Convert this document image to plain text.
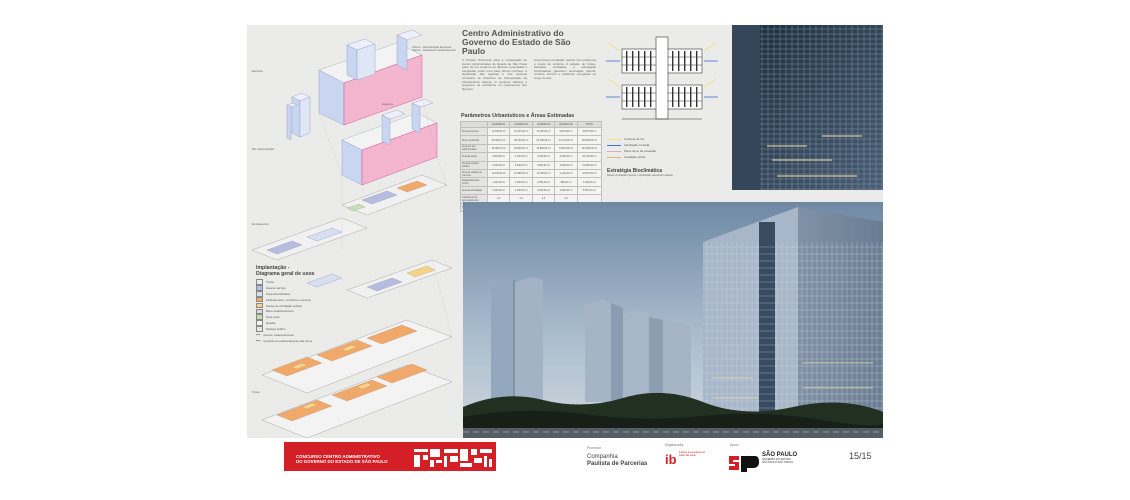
Escritório
Volume - Administração Executiva
Volume - Fachada de estacionamento
Esquema
Pav. Administração
Embasamento
Térreo
Implantação -
Diagrama geral de usos
Térreo
Área de serviço
Área administrativa
Fachada ativa - comércio e serviços
Núcleo de circulação vertical
Bloco estacionamento
Área verde
Quadra
Passeio público
⟷ Acesso: estacionamento
⟷ Conexão ao estacionamento das torres
Centro Administrativo do
Governo do Estado de São Paulo
O Projeto Preliminar para a implantação do Centro Administrativo do Estado de São Paulo parte de um conjunto de lâminas conectadas e integradas sobre uma base térrea contínua. A disposição das quadras e dos acessos considera as diretrizes de transposição da infraestrutura urbana. O conjunto distribui o programa de escritórios em pavimentos tipo flexíveis.
proporciona ventilação natural nos ambientes e níveis de conforto. A adoção de brises, fachadas ventiladas e estratégias bioclimáticas garantem iluminação natural, conforto térmico e eficiência energética ao longo do ano.
Parâmetros Urbanísticos e Áreas Estimadas
	QUADRA 01	QUADRA 02	QUADRA 03	QUADRA 04	TOTAL
Área do terreno	12.345,00 m²	10.120,00 m²	11.235,00 m²	9.876,00 m²	43.576,00 m²
Área construída	54.000,00 m²	48.700,00 m²	51.230,00 m²	40.120,00 m²	194.050,00 m²
Área em uso administrativo	45.000,00 m²	40.500,00 m²	42.800,00 m²	33.600,00 m²	161.900,00 m²
Área de apoio	4.500,00 m²	4.100,00 m²	4.230,00 m²	3.300,00 m²	16.130,00 m²
Área de espaço público	6.120,00 m²	5.340,00 m²	5.900,00 m²	4.600,00 m²	21.960,00 m²
Área de espaço de convívio	12.130,00 m²	10.985,00 m²	11.340,00 m²	9.120,00 m²	43.575,00 m²
Estacionamento (unid.)	1.200,00 m²	1.100,00 m²	1.050,00 m²	980,00 m²	4.330,00 m²
Área de circulação	2.340,00 m²	2.100,00 m²	2.230,00 m²	1.900,00 m²	8.570,00 m²
Coeficiente de aproveitamento	4,0	4,0	4,0	4,0	

Controle de luz
Ventilação cruzada
Fluxo de ar de exaustão
Insolação direta
Estratégia Bioclimática
Brises Ventilação Quente e Ventilação natural Em Estudo
CONCURSO CENTRO ADMINISTRATIVO
DO GOVERNO DO ESTADO DE SÃO PAULO
Promotor
Companhia
Paulista de Parcerias
Organizador
ib instituto de arquitetos do brasil são paulo
Apoio
SÃO PAULO
GOVERNO DO ESTADO
SÃO PAULO SÃO TODOS
15/15
